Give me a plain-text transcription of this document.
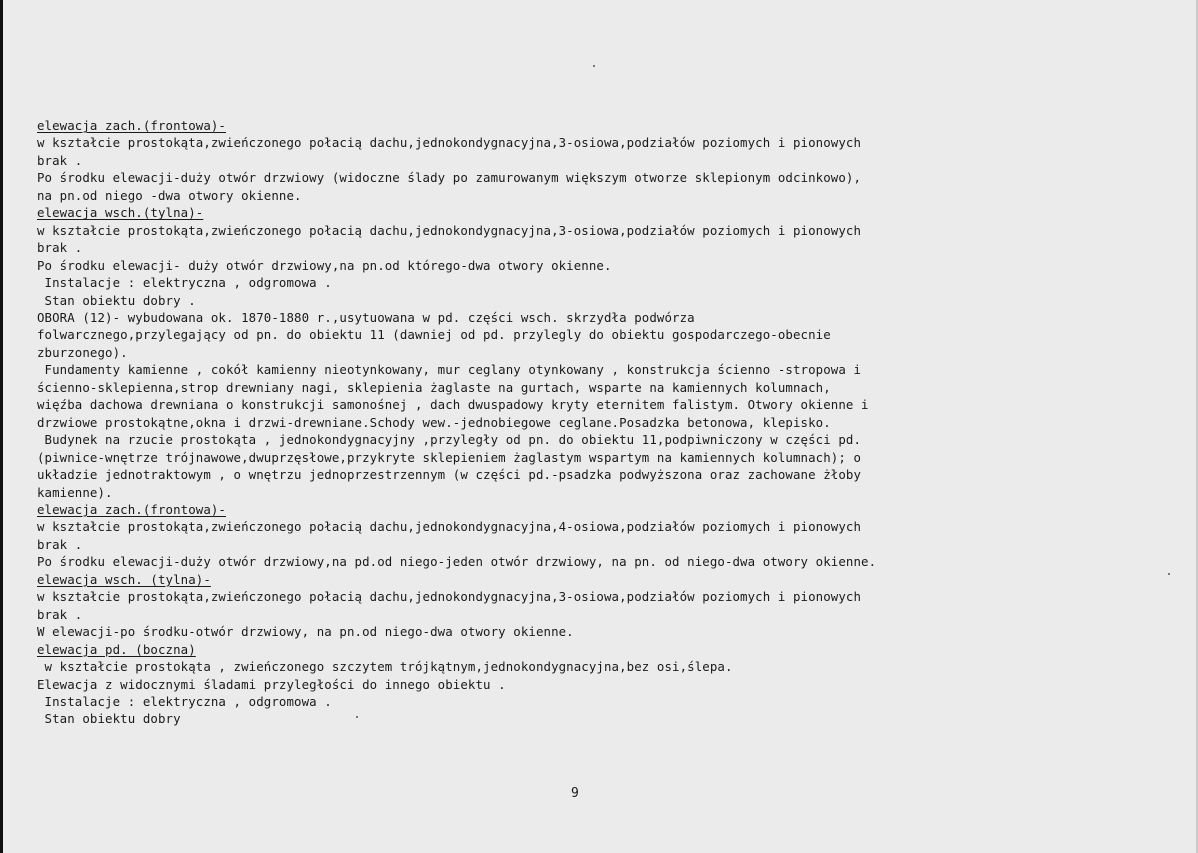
elewacja zach.(frontowa)-
w kształcie prostokąta,zwieńczonego połacią dachu,jednokondygnacyjna,3-osiowa,podziałów poziomych i pionowych
brak .
Po środku elewacji-duży otwór drzwiowy (widoczne ślady po zamurowanym większym otworze sklepionym odcinkowo),
na pn.od niego -dwa otwory okienne.
elewacja wsch.(tylna)-
w kształcie prostokąta,zwieńczonego połacią dachu,jednokondygnacyjna,3-osiowa,podziałów poziomych i pionowych
brak .
Po środku elewacji- duży otwór drzwiowy,na pn.od którego-dwa otwory okienne.
Instalacje : elektryczna , odgromowa .
Stan obiektu dobry .
OBORA (12)- wybudowana ok. 1870-1880 r.,usytuowana w pd. części wsch. skrzydła podwórza
folwarcznego,przylegający od pn. do obiektu 11 (dawniej od pd. przylegly do obiektu gospodarczego-obecnie
zburzonego).
Fundamenty kamienne , cokół kamienny nieotynkowany, mur ceglany otynkowany , konstrukcja ścienno -stropowa i
ścienno-sklepienna,strop drewniany nagi, sklepienia żaglaste na gurtach, wsparte na kamiennych kolumnach,
więźba dachowa drewniana o konstrukcji samonośnej , dach dwuspadowy kryty eternitem falistym. Otwory okienne i
drzwiowe prostokątne,okna i drzwi-drewniane.Schody wew.-jednobiegowe ceglane.Posadzka betonowa, klepisko.
Budynek na rzucie prostokąta , jednokondygnacyjny ,przyległy od pn. do obiektu 11,podpiwniczony w części pd.
(piwnice-wnętrze trójnawowe,dwuprzęsłowe,przykryte sklepieniem żaglastym wspartym na kamiennych kolumnach); o
układzie jednotraktowym , o wnętrzu jednoprzestrzennym (w części pd.-psadzka podwyższona oraz zachowane żłoby
kamienne).
elewacja zach.(frontowa)-
w kształcie prostokąta,zwieńczonego połacią dachu,jednokondygnacyjna,4-osiowa,podziałów poziomych i pionowych
brak .
Po środku elewacji-duży otwór drzwiowy,na pd.od niego-jeden otwór drzwiowy, na pn. od niego-dwa otwory okienne.
elewacja wsch. (tylna)-
w kształcie prostokąta,zwieńczonego połacią dachu,jednokondygnacyjna,3-osiowa,podziałów poziomych i pionowych
brak .
W elewacji-po środku-otwór drzwiowy, na pn.od niego-dwa otwory okienne.
elewacja pd. (boczna)
w kształcie prostokąta , zwieńczonego szczytem trójkątnym,jednokondygnacyjna,bez osi,ślepa.
Elewacja z widocznymi śladami przyległości do innego obiektu .
Instalacje : elektryczna , odgromowa .
Stan obiektu dobry
9
